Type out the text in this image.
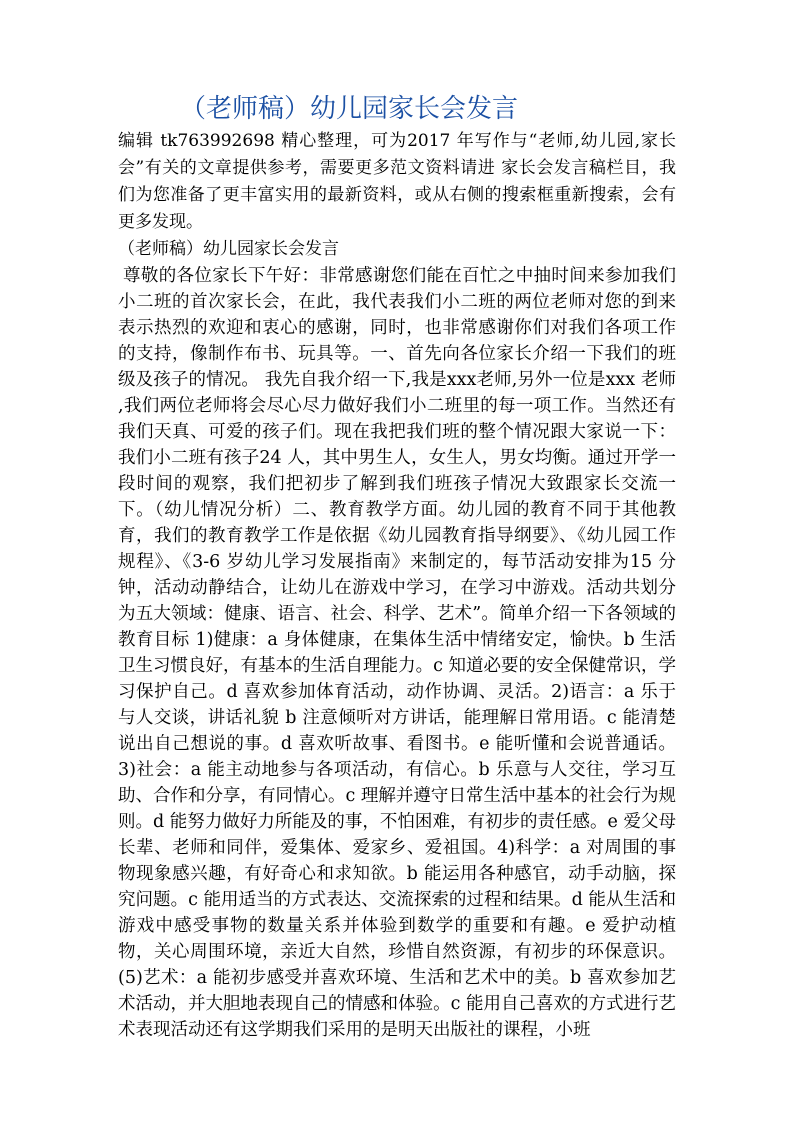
（老师稿）幼儿园家长会发言

编辑 tk763992698 精心整理，可为2017 年写作与“老师,幼儿园,家长会”有关的文章提供参考，需要更多范文资料请进 家长会发言稿栏目，我们为您准备了更丰富实用的最新资料，或从右侧的搜索框重新搜索，会有更多发现。

（老师稿）幼儿园家长会发言

尊敬的各位家长下午好：非常感谢您们能在百忙之中抽时间来参加我们小二班的首次家长会，在此，我代表我们小二班的两位老师对您的到来表示热烈的欢迎和衷心的感谢，同时，也非常感谢你们对我们各项工作的支持，像制作布书、玩具等。一、首先向各位家长介绍一下我们的班级及孩子的情况。 我先自我介绍一下,我是xxx老师,另外一位是xxx 老师 ,我们两位老师将会尽心尽力做好我们小二班里的每一项工作。当然还有我们天真、可爱的孩子们。现在我把我们班的整个情况跟大家说一下：我们小二班有孩子24 人，其中男生人，女生人，男女均衡。通过开学一段时间的观察，我们把初步了解到我们班孩子情况大致跟家长交流一下。（幼儿情况分析）二、教育教学方面。幼儿园的教育不同于其他教育，我们的教育教学工作是依据《幼儿园教育指导纲要》、《幼儿园工作规程》、《3-6 岁幼儿学习发展指南》来制定的，每节活动安排为15 分钟，活动动静结合，让幼儿在游戏中学习，在学习中游戏。活动共划分为五大领域：健康、语言、社会、科学、艺术”。简单介绍一下各领域的教育目标 1)健康：a 身体健康，在集体生活中情绪安定，愉快。b 生活卫生习惯良好，有基本的生活自理能力。c 知道必要的安全保健常识，学习保护自己。d 喜欢参加体育活动，动作协调、灵活。2)语言：a 乐于与人交谈，讲话礼貌 b 注意倾听对方讲话，能理解日常用语。c 能清楚说出自己想说的事。d 喜欢听故事、看图书。e 能听懂和会说普通话。3)社会：a 能主动地参与各项活动，有信心。b 乐意与人交往，学习互助、合作和分享，有同情心。c 理解并遵守日常生活中基本的社会行为规则。d 能努力做好力所能及的事，不怕困难，有初步的责任感。e 爱父母长辈、老师和同伴，爱集体、爱家乡、爱祖国。4)科学：a 对周围的事物现象感兴趣，有好奇心和求知欲。b 能运用各种感官，动手动脑，探究问题。c 能用适当的方式表达、交流探索的过程和结果。d 能从生活和游戏中感受事物的数量关系并体验到数学的重要和有趣。e 爱护动植物，关心周围环境，亲近大自然，珍惜自然资源，有初步的环保意识。(5)艺术：a 能初步感受并喜欢环境、生活和艺术中的美。b 喜欢参加艺术活动，并大胆地表现自己的情感和体验。c 能用自己喜欢的方式进行艺术表现活动还有这学期我们采用的是明天出版社的课程，小班
